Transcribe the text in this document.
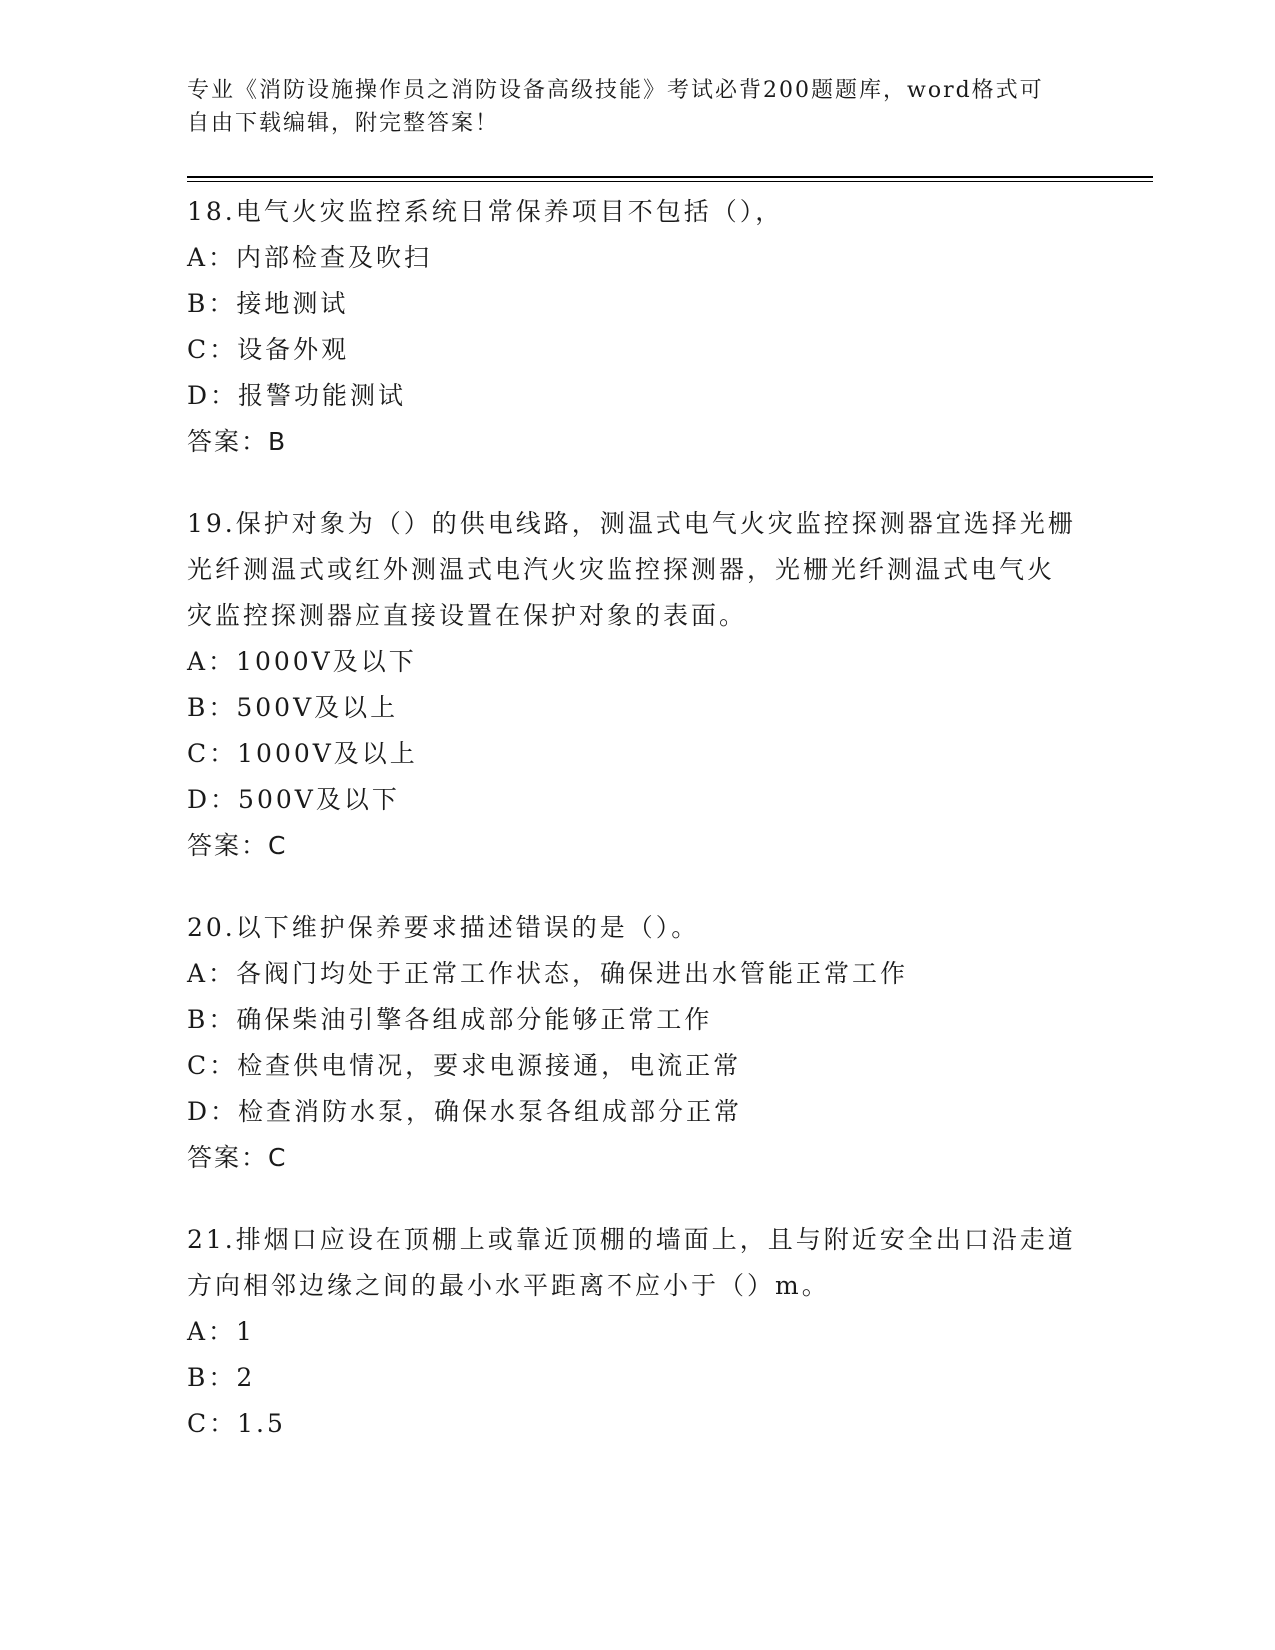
专业《消防设施操作员之消防设备高级技能》考试必背200题题库，word格式可
自由下载编辑，附完整答案！

18.电气火灾监控系统日常保养项目不包括（），

A：内部检查及吹扫

B：接地测试

C：设备外观

D：报警功能测试

答案：B

19.保护对象为（）的供电线路，测温式电气火灾监控探测器宜选择光栅光纤测温式或红外测温式电汽火灾监控探测器，光栅光纤测温式电气火灾监控探测器应直接设置在保护对象的表面。

A：1000V及以下

B：500V及以上

C：1000V及以上

D：500V及以下

答案：C

20.以下维护保养要求描述错误的是（）。

A：各阀门均处于正常工作状态，确保进出水管能正常工作

B：确保柴油引擎各组成部分能够正常工作

C：检查供电情况，要求电源接通，电流正常

D：检查消防水泵，确保水泵各组成部分正常

答案：C

21.排烟口应设在顶棚上或靠近顶棚的墙面上，且与附近安全出口沿走道方向相邻边缘之间的最小水平距离不应小于（）m。

A：1

B：2

C：1.5
